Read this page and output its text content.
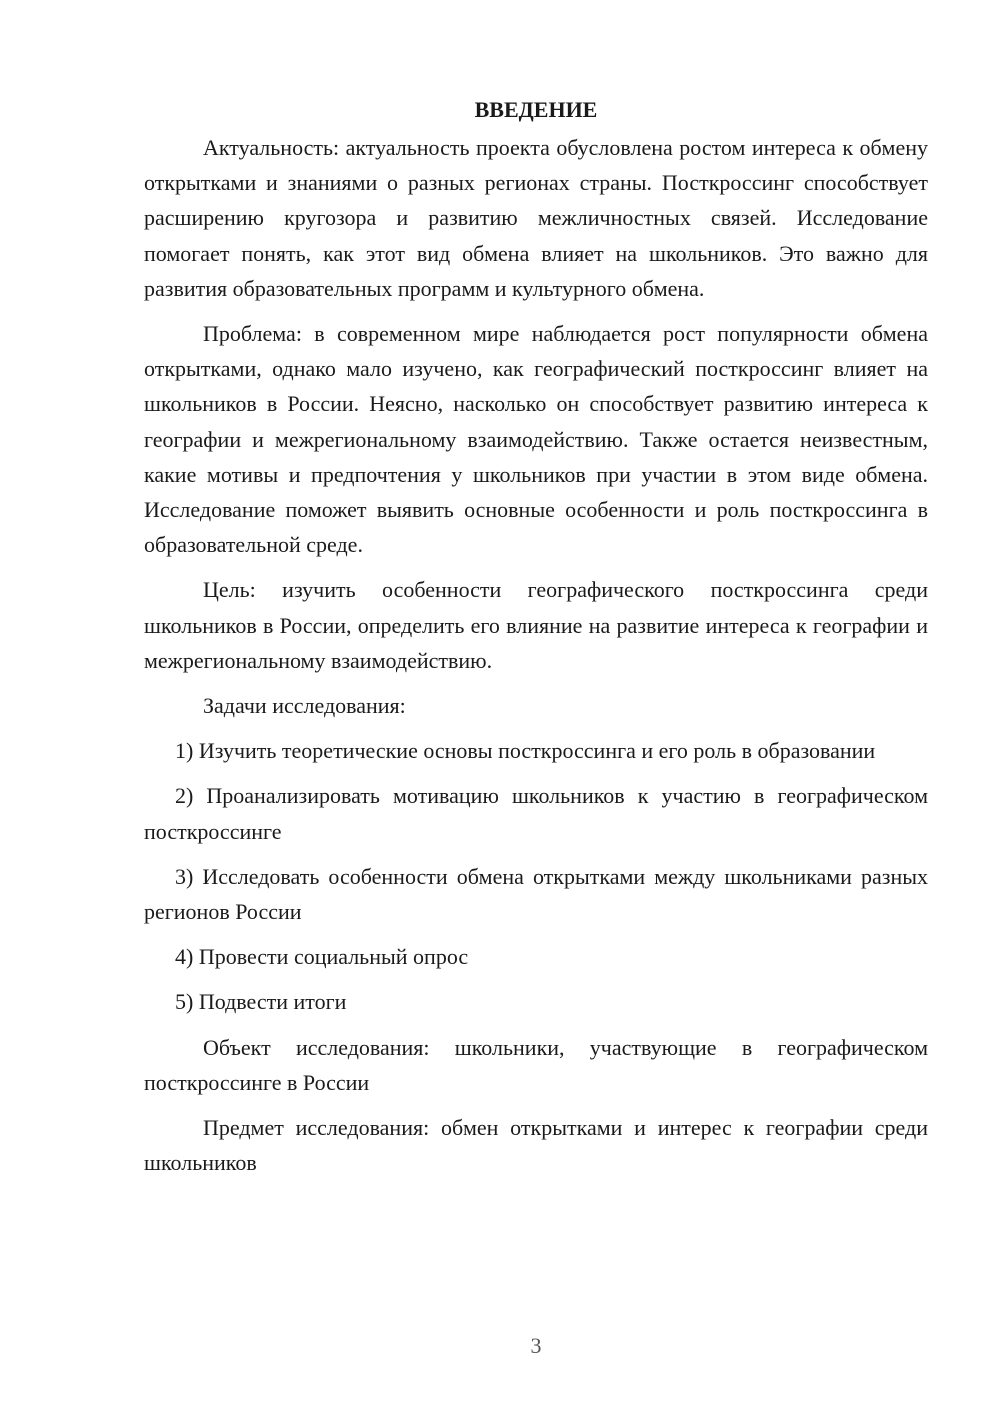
ВВЕДЕНИЕ

Актуальность: актуальность проекта обусловлена ростом интереса к обмену открытками и знаниями о разных регионах страны. Посткроссинг способствует расширению кругозора и развитию межличностных связей. Исследование помогает понять, как этот вид обмена влияет на школьников. Это важно для развития образовательных программ и культурного обмена.

Проблема: в современном мире наблюдается рост популярности обмена открытками, однако мало изучено, как географический посткроссинг влияет на школьников в России. Неясно, насколько он способствует развитию интереса к географии и межрегиональному взаимодействию. Также остается неизвестным, какие мотивы и предпочтения у школьников при участии в этом виде обмена. Исследование поможет выявить основные особенности и роль посткроссинга в образовательной среде.

Цель: изучить особенности географического посткроссинга среди школьников в России, определить его влияние на развитие интереса к географии и межрегиональному взаимодействию.

Задачи исследования:

1) Изучить теоретические основы посткроссинга и его роль в образовании

2) Проанализировать мотивацию школьников к участию в географическом посткроссинге

3) Исследовать особенности обмена открытками между школьниками разных регионов России

4) Провести социальный опрос

5) Подвести итоги

Объект исследования: школьники, участвующие в географическом посткроссинге в России

Предмет исследования: обмен открытками и интерес к географии среди школьников

3
